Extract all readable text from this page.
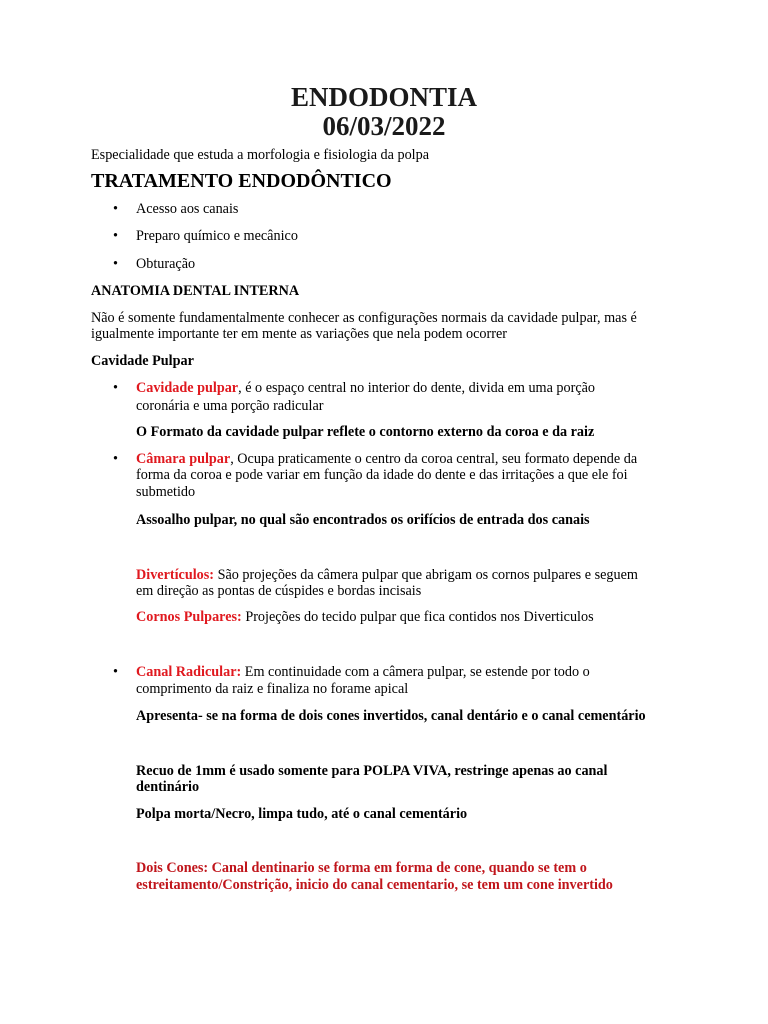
ENDODONTIA
06/03/2022
Especialidade que estuda a morfologia e fisiologia da polpa
TRATAMENTO ENDODÔNTICO
• Acesso aos canais
• Preparo químico e mecânico
• Obturação
ANATOMIA DENTAL INTERNA
Não é somente fundamentalmente conhecer as configurações normais da cavidade pulpar, mas é
igualmente importante ter em mente as variações que nela podem ocorrer
Cavidade Pulpar
• Cavidade pulpar, é o espaço central no interior do dente, divida em uma porção
coronária e uma porção radicular
O Formato da cavidade pulpar reflete o contorno externo da coroa e da raiz
• Câmara pulpar, Ocupa praticamente o centro da coroa central, seu formato depende da
forma da coroa e pode variar em função da idade do dente e das irritações a que ele foi
submetido
Assoalho pulpar, no qual são encontrados os orifícios de entrada dos canais
Divertículos: São projeções da câmera pulpar que abrigam os cornos pulpares e seguem
em direção as pontas de cúspides e bordas incisais
Cornos Pulpares: Projeções do tecido pulpar que fica contidos nos Diverticulos
• Canal Radicular: Em continuidade com a câmera pulpar, se estende por todo o
comprimento da raiz e finaliza no forame apical
Apresenta- se na forma de dois cones invertidos, canal dentário e o canal cementário
Recuo de 1mm é usado somente para POLPA VIVA, restringe apenas ao canal
dentinário
Polpa morta/Necro, limpa tudo, até o canal cementário
Dois Cones: Canal dentinario se forma em forma de cone, quando se tem o
estreitamento/Constrição, inicio do canal cementario, se tem um cone invertido
